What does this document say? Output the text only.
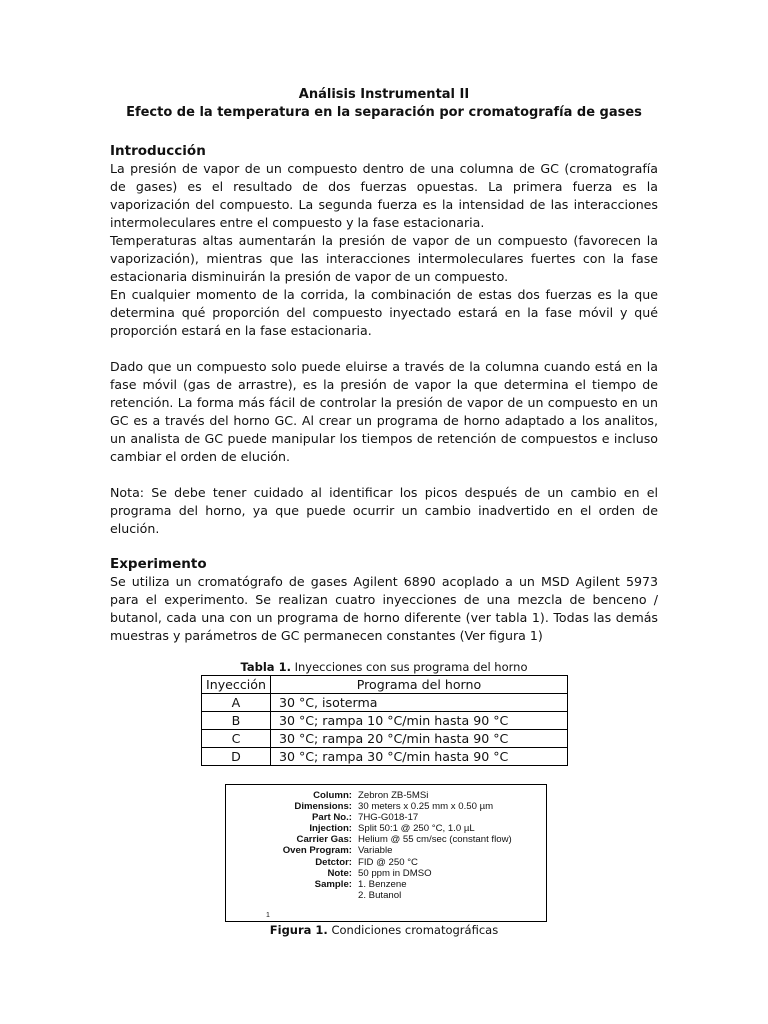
Análisis Instrumental II
Efecto de la temperatura en la separación por cromatografía de gases
Introducción

La presión de vapor de un compuesto dentro de una columna de GC (cromatografía de gases) es el resultado de dos fuerzas opuestas. La primera fuerza es la vaporización del compuesto. La segunda fuerza es la intensidad de las interacciones intermoleculares entre el compuesto y la fase estacionaria.

Temperaturas altas aumentarán la presión de vapor de un compuesto (favorecen la vaporización), mientras que las interacciones intermoleculares fuertes con la fase estacionaria disminuirán la presión de vapor de un compuesto.

En cualquier momento de la corrida, la combinación de estas dos fuerzas es la que determina qué proporción del compuesto inyectado estará en la fase móvil y qué proporción estará en la fase estacionaria.

Dado que un compuesto solo puede eluirse a través de la columna cuando está en la fase móvil (gas de arrastre), es la presión de vapor la que determina el tiempo de retención. La forma más fácil de controlar la presión de vapor de un compuesto en un GC es a través del horno GC. Al crear un programa de horno adaptado a los analitos, un analista de GC puede manipular los tiempos de retención de compuestos e incluso cambiar el orden de elución.

Nota: Se debe tener cuidado al identificar los picos después de un cambio en el programa del horno, ya que puede ocurrir un cambio inadvertido en el orden de elución.

Experimento

Se utiliza un cromatógrafo de gases Agilent 6890 acoplado a un MSD Agilent 5973 para el experimento. Se realizan cuatro inyecciones de una mezcla de benceno / butanol, cada una con un programa de horno diferente (ver tabla 1). Todas las demás muestras y parámetros de GC permanecen constantes (Ver figura 1)

Tabla 1. Inyecciones con sus programa del horno
Inyección	Programa del horno
A	30 °C, isoterma
B	30 °C; rampa 10 °C/min hasta 90 °C
C	30 °C; rampa 20 °C/min hasta 90 °C
D	30 °C; rampa 30 °C/min hasta 90 °C
Column: Zebron ZB-5MSi
Dimensions: 30 meters x 0.25 mm x 0.50 µm
Part No.: 7HG-G018-17
Injection: Split 50:1 @ 250 °C, 1.0 µL
Carrier Gas: Helium @ 55 cm/sec (constant flow)
Oven Program: Variable
Detctor: FID @ 250 °C
Note: 50 ppm in DMSO
Sample: 1. Benzene
2. Butanol
1
Figura 1. Condiciones cromatográficas
